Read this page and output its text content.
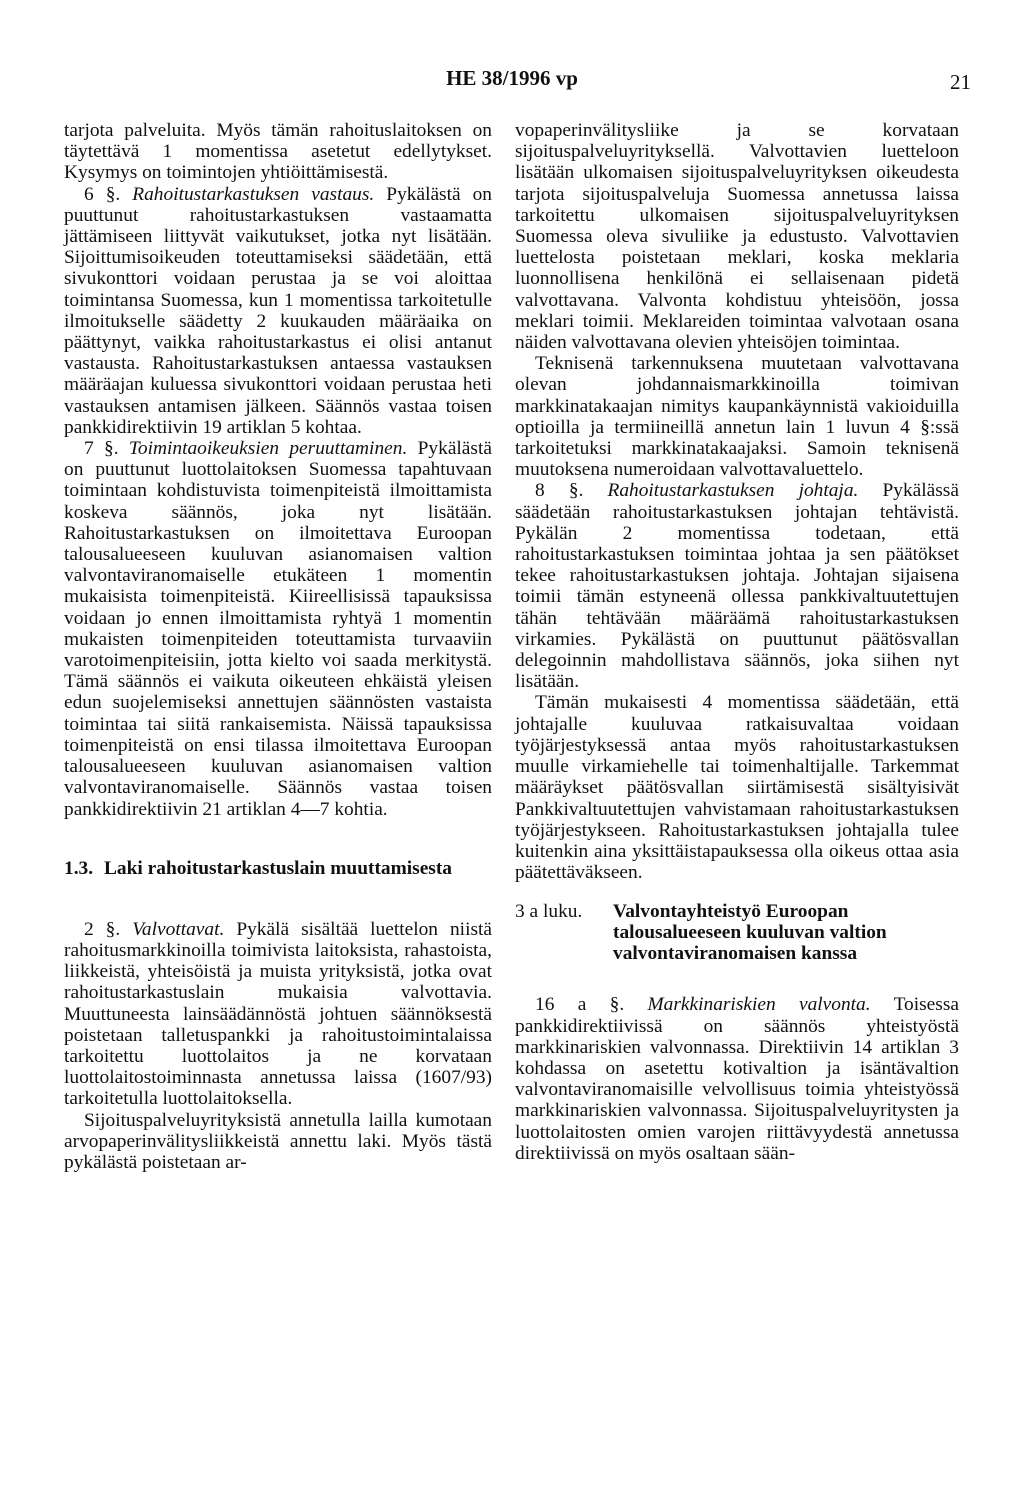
HE 38/1996 vp	21

tarjota palveluita. Myös tämän rahoituslaitoksen on täytettävä 1 momentissa asetetut edellytykset. Kysymys on toimintojen yhtiöittämisestä.

6 §. Rahoitustarkastuksen vastaus. Pykälästä on puuttunut rahoitustarkastuksen vastaamatta jättämiseen liittyvät vaikutukset, jotka nyt lisätään. Sijoittumisoikeuden toteuttamiseksi säädetään, että sivukonttori voidaan perustaa ja se voi aloittaa toimintansa Suomessa, kun 1 momentissa tarkoitetulle ilmoitukselle säädetty 2 kuukauden määräaika on päättynyt, vaikka rahoitustarkastus ei olisi antanut vastausta. Rahoitustarkastuksen antaessa vastauksen määräajan kuluessa sivukonttori voidaan perustaa heti vastauksen antamisen jälkeen. Säännös vastaa toisen pankkidirektiivin 19 artiklan 5 kohtaa.

7 §. Toimintaoikeuksien peruuttaminen. Pykälästä on puuttunut luottolaitoksen Suomessa tapahtuvaan toimintaan kohdistuvista toimenpiteistä ilmoittamista koskeva säännös, joka nyt lisätään. Rahoitustarkastuksen on ilmoitettava Euroopan talousalueeseen kuuluvan asianomaisen valtion valvontaviranomaiselle etukäteen 1 momentin mukaisista toimenpiteistä. Kiireellisissä tapauksissa voidaan jo ennen ilmoittamista ryhtyä 1 momentin mukaisten toimenpiteiden toteuttamista turvaaviin varotoimenpiteisiin, jotta kielto voi saada merkitystä. Tämä säännös ei vaikuta oikeuteen ehkäistä yleisen edun suojelemiseksi annettujen säännösten vastaista toimintaa tai siitä rankaisemista. Näissä tapauksissa toimenpiteistä on ensi tilassa ilmoitettava Euroopan talousalueeseen kuuluvan asianomaisen valtion valvontaviranomaiselle. Säännös vastaa toisen pankkidirektiivin 21 artiklan 4—7 kohtia.

1.3. Laki rahoitustarkastuslain muuttamisesta

2 §. Valvottavat. Pykälä sisältää luettelon niistä rahoitusmarkkinoilla toimivista laitoksista, rahastoista, liikkeistä, yhteisöistä ja muista yrityksistä, jotka ovat rahoitustarkastuslain mukaisia valvottavia. Muuttuneesta lainsäädännöstä johtuen säännöksestä poistetaan talletuspankki ja rahoitustoimintalaissa tarkoitettu luottolaitos ja ne korvataan luottolaitostoiminnasta annetussa laissa (1607/93) tarkoitetulla luottolaitoksella.

Sijoituspalveluyrityksistä annetulla lailla kumotaan arvopaperinvälitysliikkeistä annettu laki. Myös tästä pykälästä poistetaan ar-

vopaperinvälitysliike ja se korvataan sijoituspalveluyrityksellä. Valvottavien luetteloon lisätään ulkomaisen sijoituspalveluyrityksen oikeudesta tarjota sijoituspalveluja Suomessa annetussa laissa tarkoitettu ulkomaisen sijoituspalveluyrityksen Suomessa oleva sivuliike ja edustusto. Valvottavien luettelosta poistetaan meklari, koska meklaria luonnollisena henkilönä ei sellaisenaan pidetä valvottavana. Valvonta kohdistuu yhteisöön, jossa meklari toimii. Meklareiden toimintaa valvotaan osana näiden valvottavana olevien yhteisöjen toimintaa.

Teknisenä tarkennuksena muutetaan valvottavana olevan johdannaismarkkinoilla toimivan markkinatakaajan nimitys kaupankäynnistä vakioiduilla optioilla ja termiineillä annetun lain 1 luvun 4 §:ssä tarkoitetuksi markkinatakaajaksi. Samoin teknisenä muutoksena numeroidaan valvottavaluettelo.

8 §. Rahoitustarkastuksen johtaja. Pykälässä säädetään rahoitustarkastuksen johtajan tehtävistä. Pykälän 2 momentissa todetaan, että rahoitustarkastuksen toimintaa johtaa ja sen päätökset tekee rahoitustarkastuksen johtaja. Johtajan sijaisena toimii tämän estyneenä ollessa pankkivaltuutettujen tähän tehtävään määräämä rahoitustarkastuksen virkamies. Pykälästä on puuttunut päätösvallan delegoinnin mahdollistava säännös, joka siihen nyt lisätään.

Tämän mukaisesti 4 momentissa säädetään, että johtajalle kuuluvaa ratkaisuvaltaa voidaan työjärjestyksessä antaa myös rahoitustarkastuksen muulle virkamiehelle tai toimenhaltijalle. Tarkemmat määräykset päätösvallan siirtämisestä sisältyisivät Pankkivaltuutettujen vahvistamaan rahoitustarkastuksen työjärjestykseen. Rahoitustarkastuksen johtajalla tulee kuitenkin aina yksittäistapauksessa olla oikeus ottaa asia päätettäväkseen.

3 a luku.	Valvontayhteistyö Euroopan talousalueeseen kuuluvan valtion valvontaviranomaisen kanssa

16 a §. Markkinariskien valvonta. Toisessa pankkidirektiivissä on säännös yhteistyöstä markkinariskien valvonnassa. Direktiivin 14 artiklan 3 kohdassa on asetettu kotivaltion ja isäntävaltion valvontaviranomaisille velvollisuus toimia yhteistyössä markkinariskien valvonnassa. Sijoituspalveluyritysten ja luottolaitosten omien varojen riittävyydestä annetussa direktiivissä on myös osaltaan sään-
